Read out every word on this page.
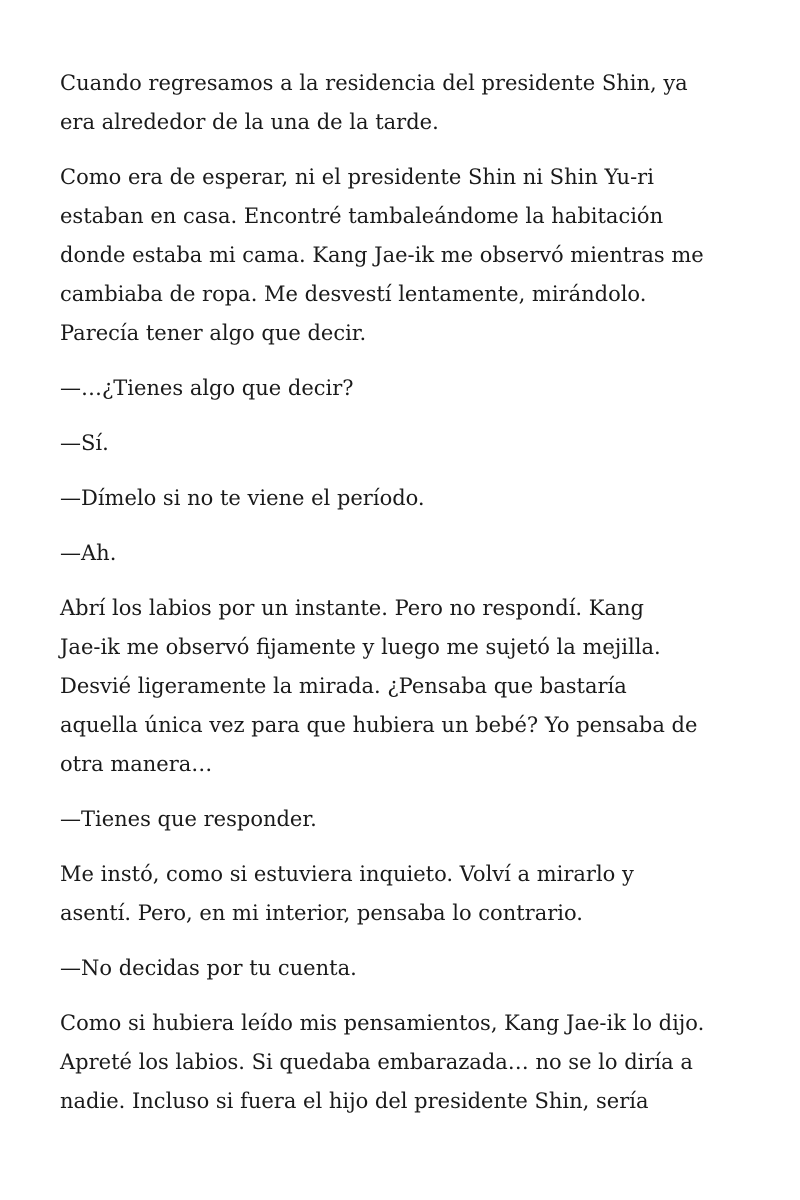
Cuando regresamos a la residencia del presidente Shin, ya
era alrededor de la una de la tarde.

Como era de esperar, ni el presidente Shin ni Shin Yu-ri
estaban en casa. Encontré tambaleándome la habitación
donde estaba mi cama. Kang Jae-ik me observó mientras me
cambiaba de ropa. Me desvestí lentamente, mirándolo.
Parecía tener algo que decir.

—…¿Tienes algo que decir?

—Sí.

—Dímelo si no te viene el período.

—Ah.

Abrí los labios por un instante. Pero no respondí. Kang
Jae-ik me observó fijamente y luego me sujetó la mejilla.
Desvié ligeramente la mirada. ¿Pensaba que bastaría
aquella única vez para que hubiera un bebé? Yo pensaba de
otra manera…

—Tienes que responder.

Me instó, como si estuviera inquieto. Volví a mirarlo y
asentí. Pero, en mi interior, pensaba lo contrario.

—No decidas por tu cuenta.

Como si hubiera leído mis pensamientos, Kang Jae-ik lo dijo.
Apreté los labios. Si quedaba embarazada… no se lo diría a
nadie. Incluso si fuera el hijo del presidente Shin, sería
